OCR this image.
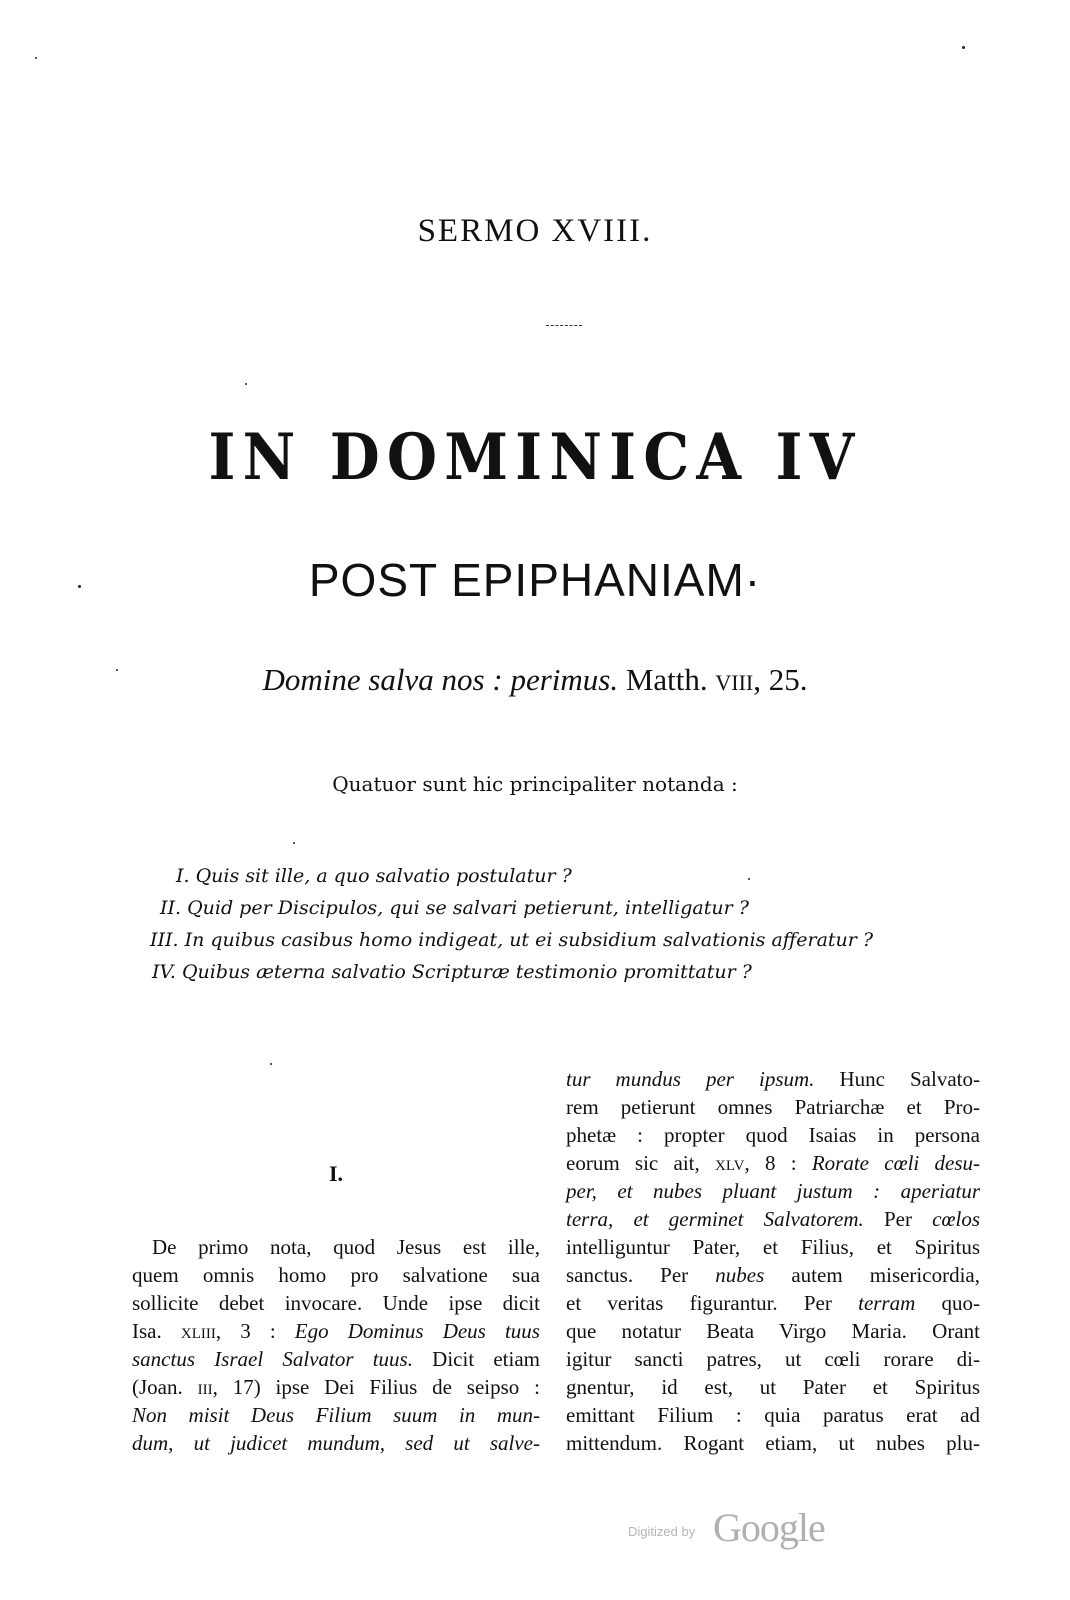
SERMO XVIII.
IN DOMINICA IV
POST EPIPHANIAM·
Domine salva nos : perimus. Matth. viii, 25.
Quatuor sunt hic principaliter notanda :
I. Quis sit ille, a quo salvatio postulatur ?
II. Quid per Discipulos, qui se salvari petierunt, intelligatur ?
III. In quibus casibus homo indigeat, ut ei subsidium salvationis afferatur ?
IV. Quibus æterna salvatio Scripturæ testimonio promittatur ?
I.
De primo nota, quod Jesus est ille,
quem omnis homo pro salvatione sua
sollicite debet invocare. Unde ipse dicit
Isa. xliii, 3 : Ego Dominus Deus tuus
sanctus Israel Salvator tuus. Dicit etiam
(Joan. iii, 17) ipse Dei Filius de seipso :
Non misit Deus Filium suum in mun-
dum, ut judicet mundum, sed ut salve-
tur mundus per ipsum. Hunc Salvato-
rem petierunt omnes Patriarchæ et Pro-
phetæ : propter quod Isaias in persona
eorum sic ait, xlv, 8 : Rorate cœli desu-
per, et nubes pluant justum : aperiatur
terra, et germinet Salvatorem. Per cœlos
intelliguntur Pater, et Filius, et Spiritus
sanctus. Per nubes autem misericordia,
et veritas figurantur. Per terram quo-
que notatur Beata Virgo Maria. Orant
igitur sancti patres, ut cœli rorare di-
gnentur, id est, ut Pater et Spiritus
emittant Filium : quia paratus erat ad
mittendum. Rogant etiam, ut nubes plu-
Digitized by Google
